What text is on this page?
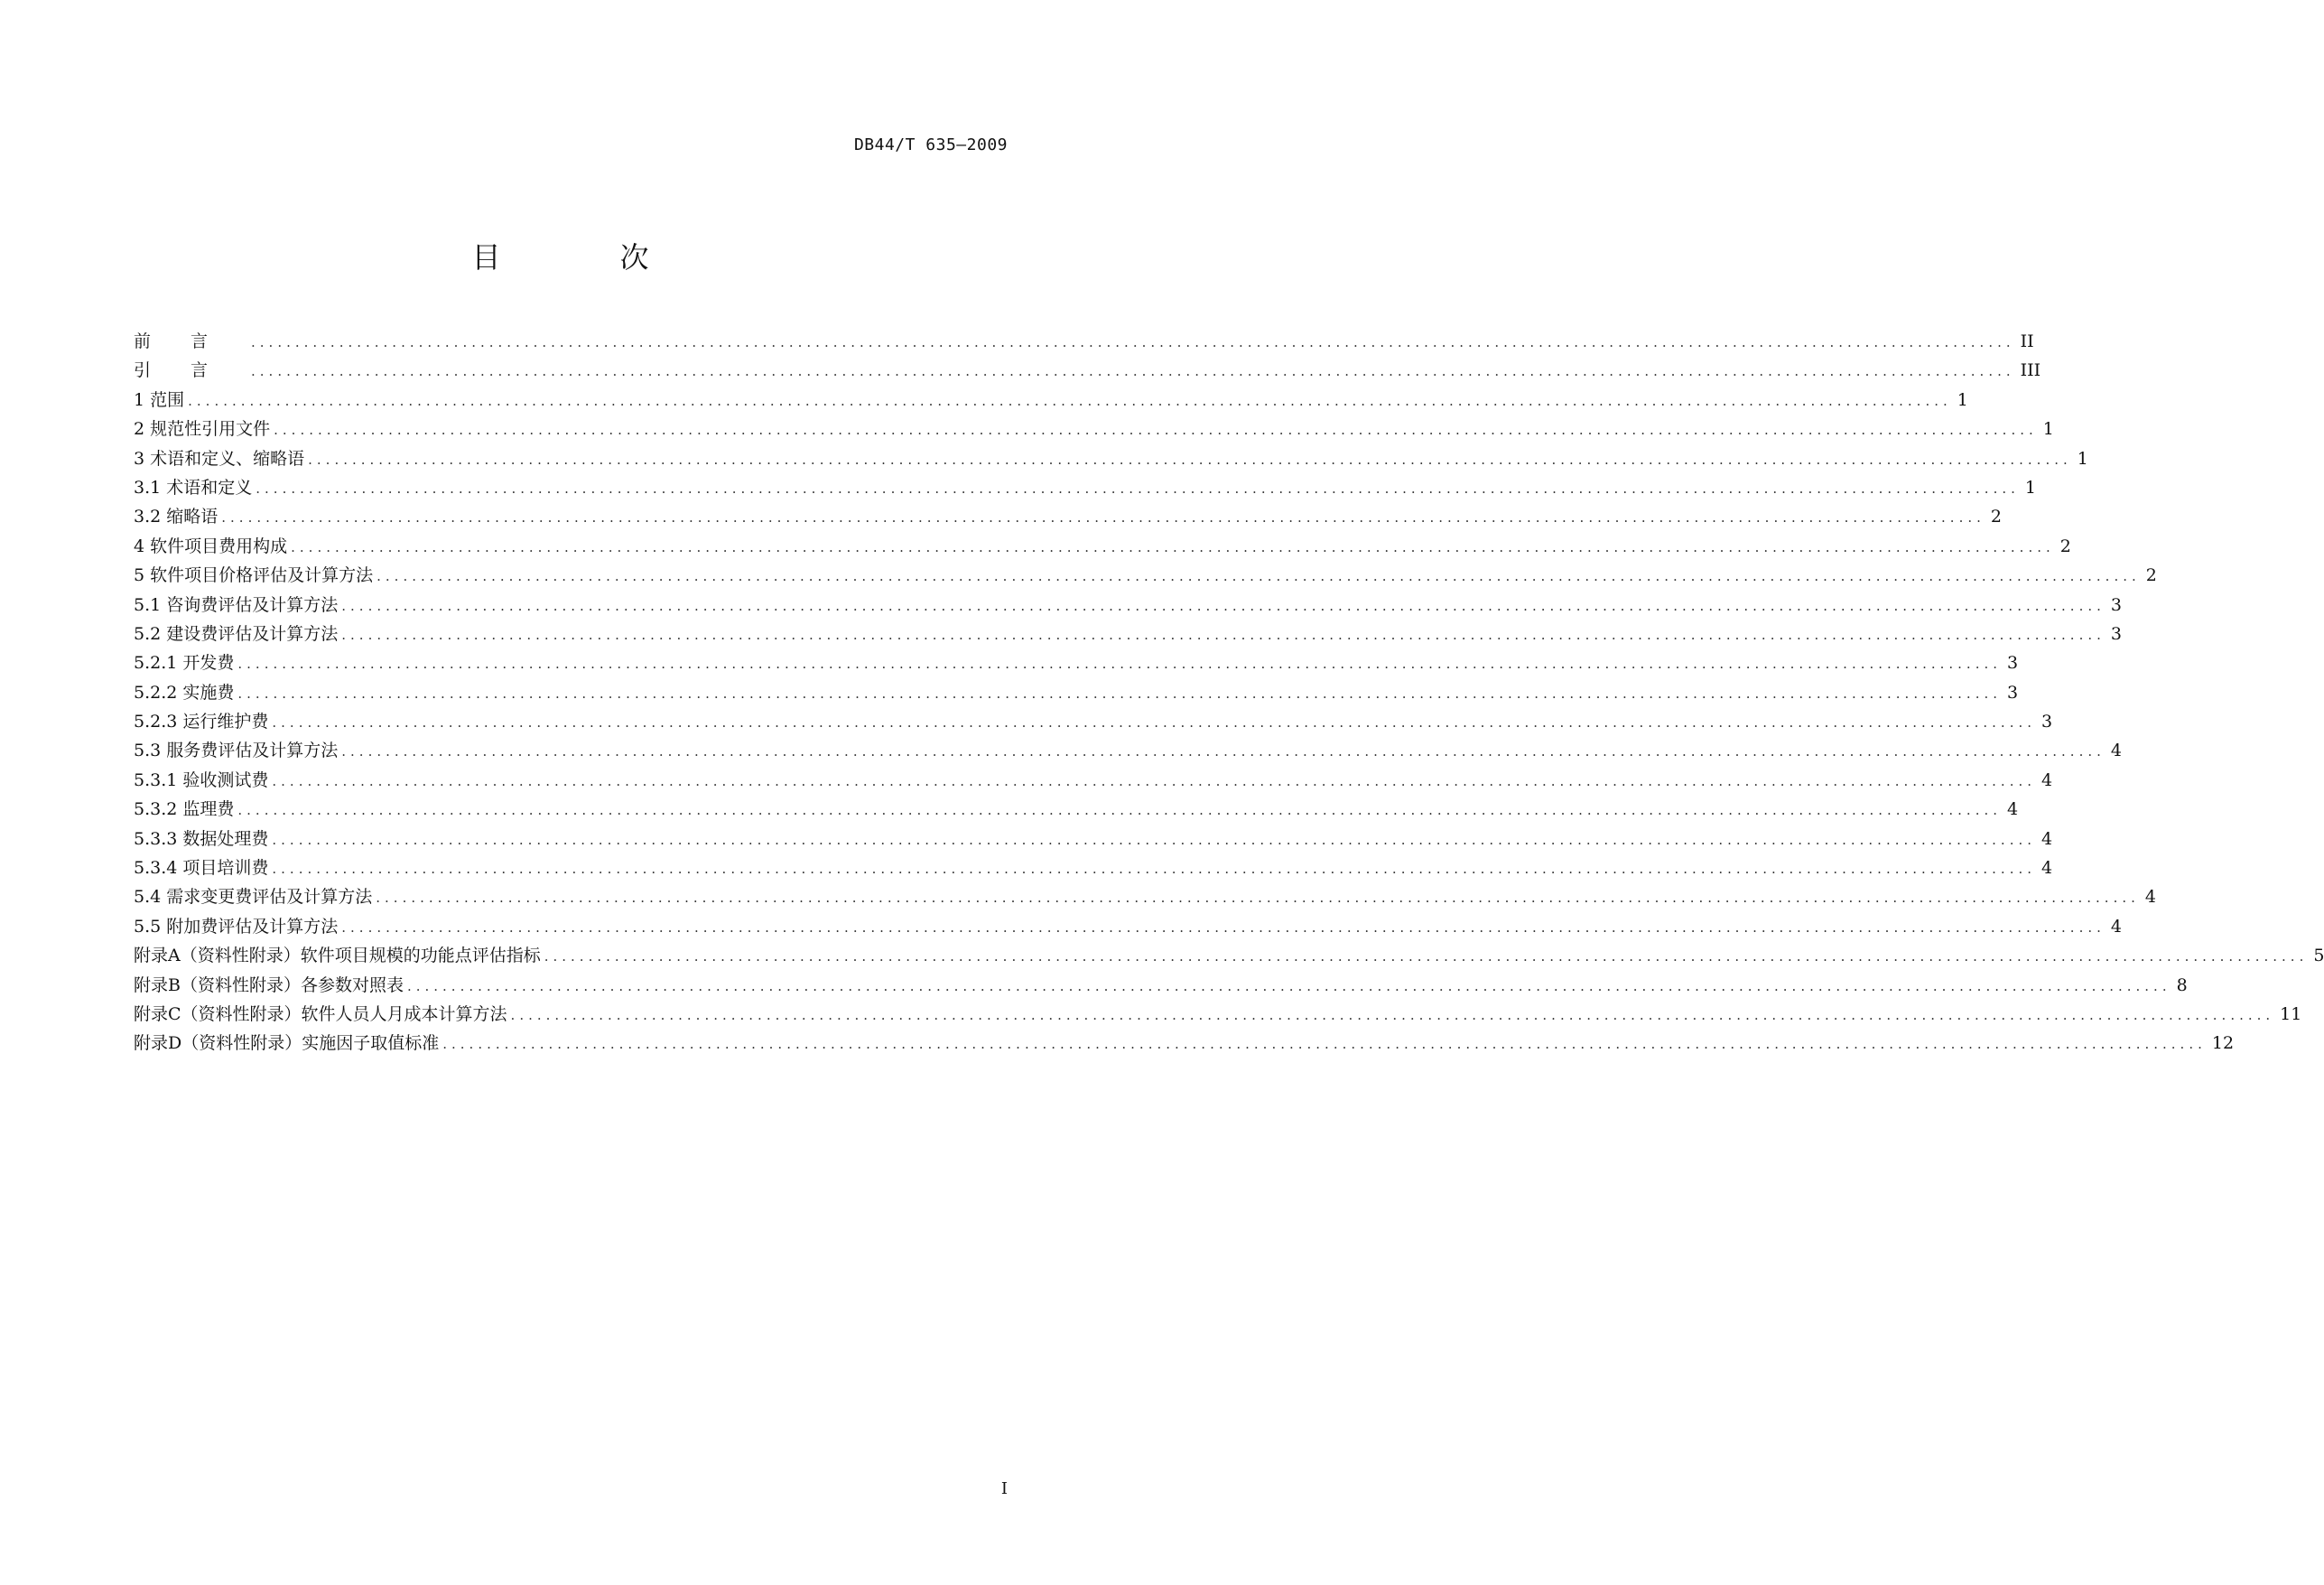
DB44/T 635—2009
目　次
前言 ........................................................................................................................................................................................................ II
引言 ........................................................................................................................................................................................................ III
1 范围 ........................................................................................................................................................................................................ 1
2 规范性引用文件 ........................................................................................................................................................................................................ 1
3 术语和定义、缩略语 ........................................................................................................................................................................................................ 1
3.1 术语和定义 ........................................................................................................................................................................................................ 1
3.2 缩略语 ........................................................................................................................................................................................................ 2
4 软件项目费用构成 ........................................................................................................................................................................................................ 2
5 软件项目价格评估及计算方法 ........................................................................................................................................................................................................ 2
5.1 咨询费评估及计算方法 ........................................................................................................................................................................................................ 3
5.2 建设费评估及计算方法 ........................................................................................................................................................................................................ 3
5.2.1 开发费 ........................................................................................................................................................................................................ 3
5.2.2 实施费 ........................................................................................................................................................................................................ 3
5.2.3 运行维护费 ........................................................................................................................................................................................................ 3
5.3 服务费评估及计算方法 ........................................................................................................................................................................................................ 4
5.3.1 验收测试费 ........................................................................................................................................................................................................ 4
5.3.2 监理费 ........................................................................................................................................................................................................ 4
5.3.3 数据处理费 ........................................................................................................................................................................................................ 4
5.3.4 项目培训费 ........................................................................................................................................................................................................ 4
5.4 需求变更费评估及计算方法 ........................................................................................................................................................................................................ 4
5.5 附加费评估及计算方法 ........................................................................................................................................................................................................ 4
附录A（资料性附录）软件项目规模的功能点评估指标 ........................................................................................................................................................................................................ 5
附录B（资料性附录）各参数对照表 ........................................................................................................................................................................................................ 8
附录C（资料性附录）软件人员人月成本计算方法 ........................................................................................................................................................................................................ 11
附录D（资料性附录）实施因子取值标准 ........................................................................................................................................................................................................ 12
I
